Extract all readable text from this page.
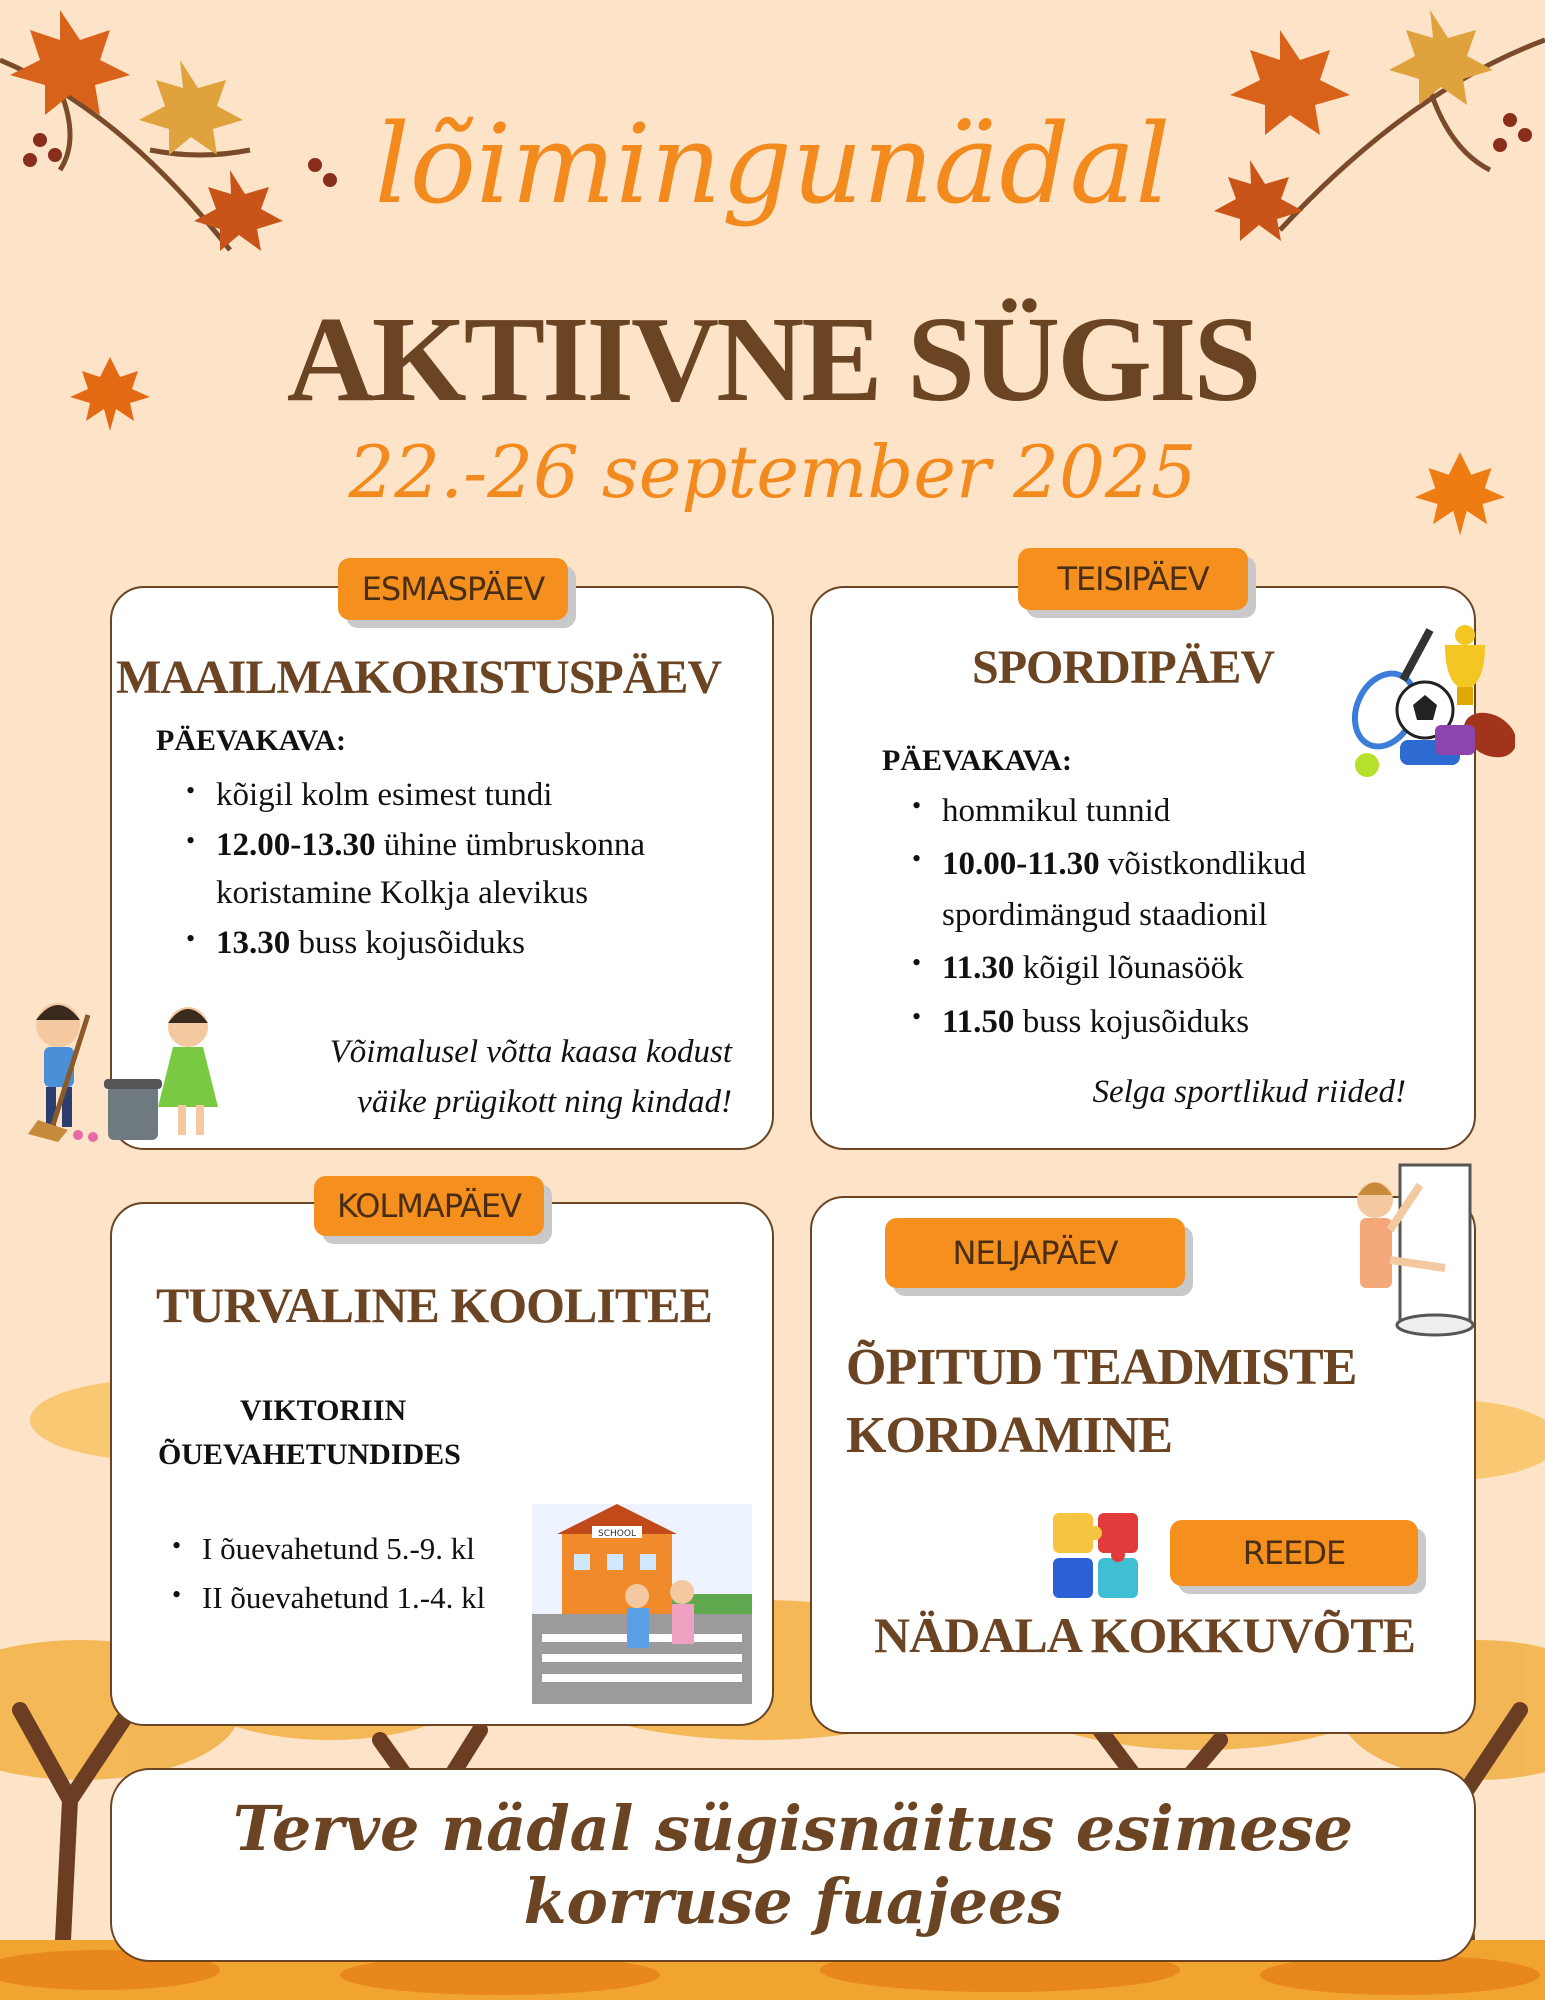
lõimingunädal
AKTIIVNE SÜGIS
22.-26 september 2025
MAAILMAKORISTUSPÄEV
PÄEVAKAVA:
• kõigil kolm esimest tundi
• 12.00-13.30 ühine ümbruskonna koristamine Kolkja alevikus
• 13.30 buss kojusõiduks
Võimalusel võtta kaasa kodust
väike prügikott ning kindad!
ESMASPÄEV
SPORDIPÄEV
PÄEVAKAVA:
• hommikul tunnid
• 10.00-11.30 võistkondlikud spordimängud staadionil
• 11.30 kõigil lõunasöök
• 11.50 buss kojusõiduks
Selga sportlikud riided!
TEISIPÄEV
TURVALINE KOOLITEE
VIKTORIIN
ÕUEVAHETUNDIDES
• I õuevahetund 5.-9. kl
• II õuevahetund 1.-4. kl
SCHOOL
KOLMAPÄEV
ÕPITUD TEADMISTE
KORDAMINE
NÄDALA KOKKUVÕTE
NELJAPÄEV
REEDE
Terve nädal sügisnäitus esimese
korruse fuajees
